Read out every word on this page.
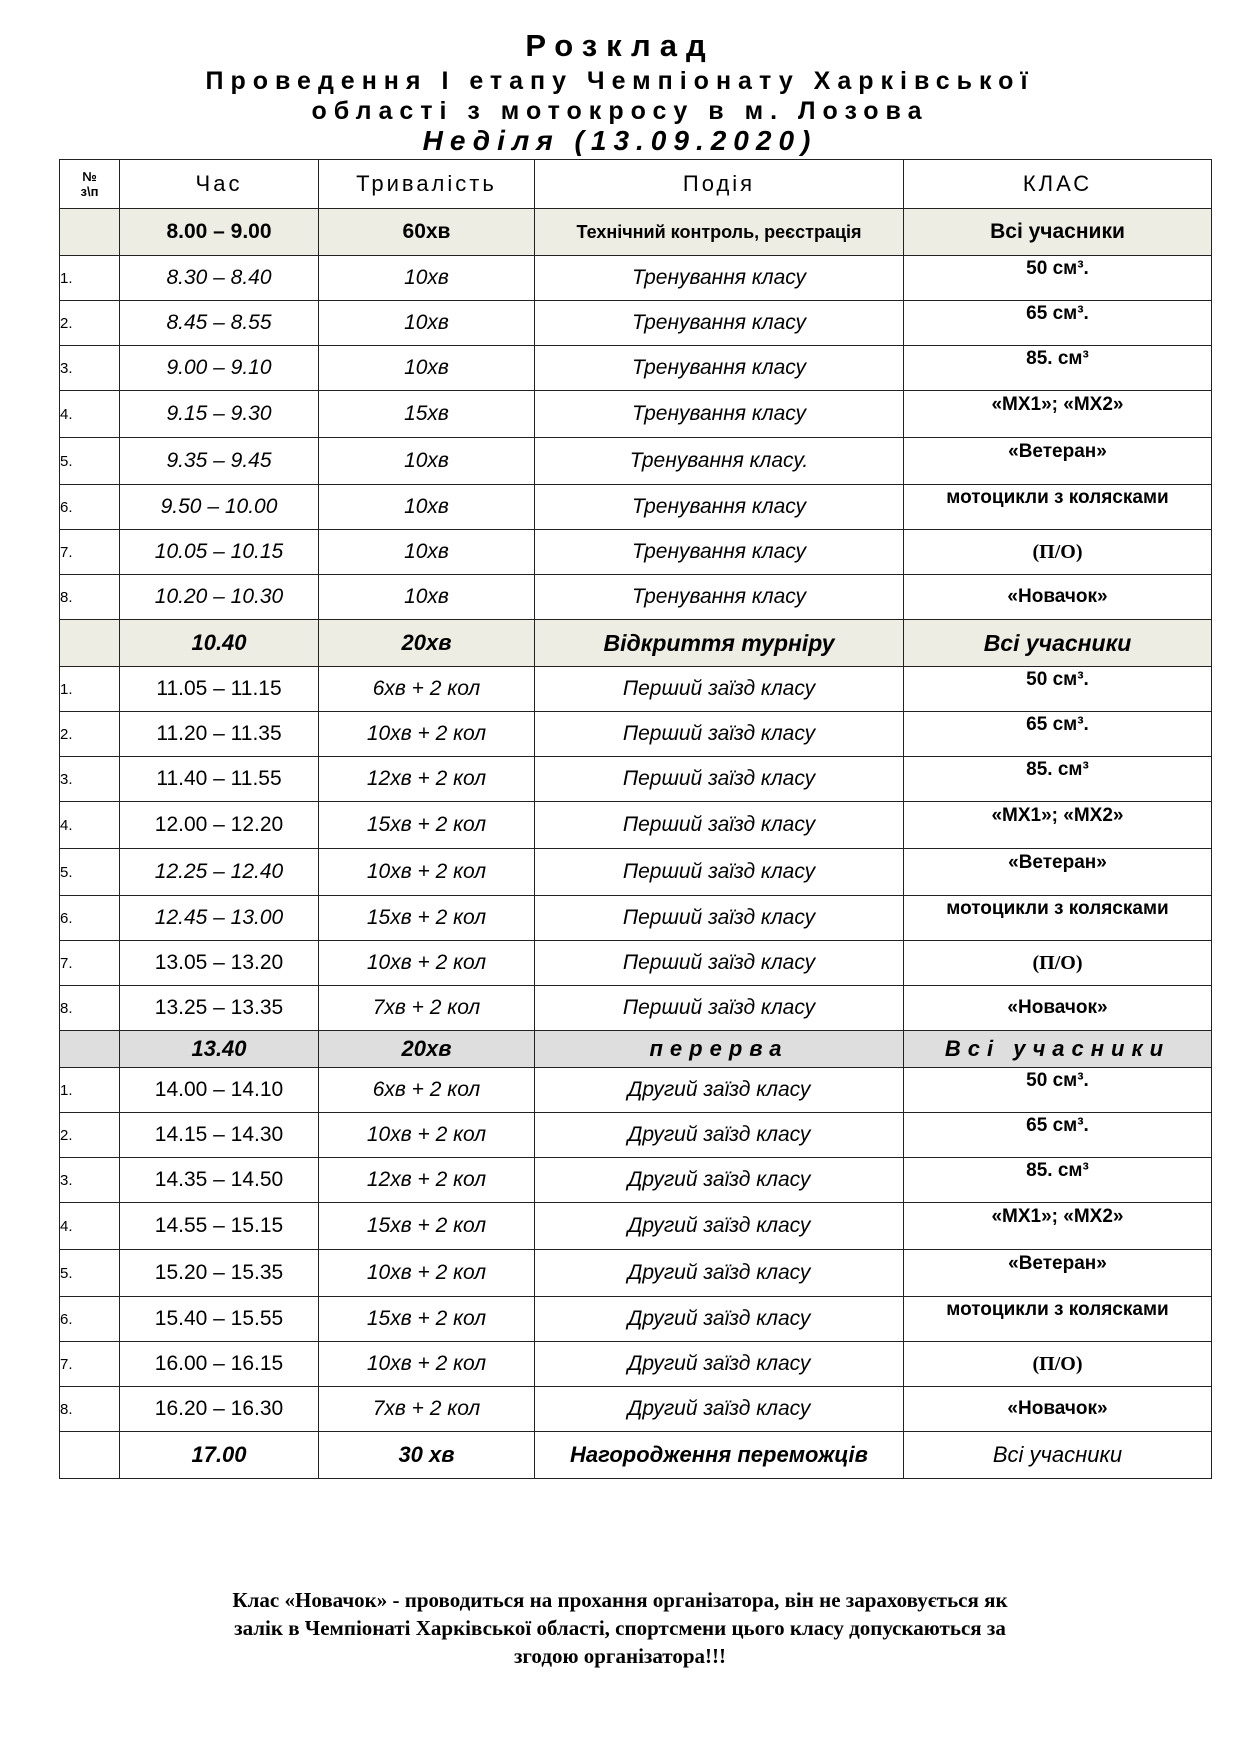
Розклад
Проведення І етапу Чемпіонату Харківської
області з мотокросу в м. Лозова
Неділя (13.09.2020)
№
з\п	Час	Тривалість	Подія	КЛАС
	8.00 – 9.00	60хв	Технічний контроль, реєстрація	Всі учасники
1.	8.30 – 8.40	10хв	Тренування класу	50 см³.
2.	8.45 – 8.55	10хв	Тренування класу	65 см³.
3.	9.00 – 9.10	10хв	Тренування класу	85. см³
4.	9.15 – 9.30	15хв	Тренування класу	«МХ1»; «МХ2»
5.	9.35 – 9.45	10хв	Тренування класу.	«Ветеран»
6.	9.50 – 10.00	10хв	Тренування класу	мотоцикли з колясками
7.	10.05 – 10.15	10хв	Тренування класу	(П/О)
8.	10.20 – 10.30	10хв	Тренування класу	«Новачок»
	10.40	20хв	Відкриття турніру	Всі учасники
1.	11.05 – 11.15	6хв + 2 кол	Перший заїзд класу	50 см³.
2.	11.20 – 11.35	10хв + 2 кол	Перший заїзд класу	65 см³.
3.	11.40 – 11.55	12хв + 2 кол	Перший заїзд класу	85. см³
4.	12.00 – 12.20	15хв + 2 кол	Перший заїзд класу	«МХ1»; «МХ2»
5.	12.25 – 12.40	10хв + 2 кол	Перший заїзд класу	«Ветеран»
6.	12.45 – 13.00	15хв + 2 кол	Перший заїзд класу	мотоцикли з колясками
7.	13.05 – 13.20	10хв + 2 кол	Перший заїзд класу	(П/О)
8.	13.25 – 13.35	7хв + 2 кол	Перший заїзд класу	«Новачок»
	13.40	20хв	перерва	Всі учасники
1.	14.00 – 14.10	6хв + 2 кол	Другий заїзд класу	50 см³.
2.	14.15 – 14.30	10хв + 2 кол	Другий заїзд класу	65 см³.
3.	14.35 – 14.50	12хв + 2 кол	Другий заїзд класу	85. см³
4.	14.55 – 15.15	15хв + 2 кол	Другий заїзд класу	«МХ1»; «МХ2»
5.	15.20 – 15.35	10хв + 2 кол	Другий заїзд класу	«Ветеран»
6.	15.40 – 15.55	15хв + 2 кол	Другий заїзд класу	мотоцикли з колясками
7.	16.00 – 16.15	10хв + 2 кол	Другий заїзд класу	(П/О)
8.	16.20 – 16.30	7хв + 2 кол	Другий заїзд класу	«Новачок»
	17.00	30 хв	Нагородження переможців	Всі учасники
Клас «Новачок» - проводиться на прохання організатора, він не зараховується як
залік в Чемпіонаті Харківської області, спортсмени цього класу допускаються за
згодою організатора!!!
